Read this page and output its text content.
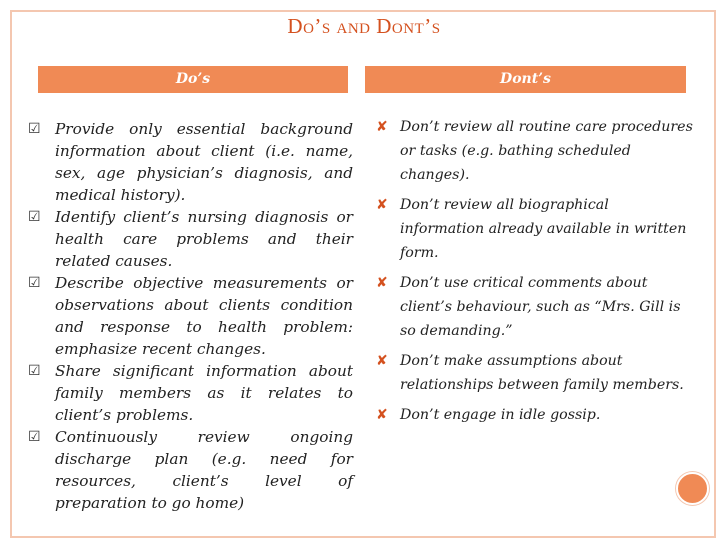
Do’s and Dont’s
Do’s	Dont’s
☑ Provide only essential background information about client (i.e. name, sex, age physician’s diagnosis, and medical history).
☑ Identify client’s nursing diagnosis or health care problems and their related causes.
☑ Describe objective measurements or observations about clients condition and response to health problem: emphasize recent changes.
☑ Share significant information about family members as it relates to client’s problems.
☑ Continuously review ongoing discharge plan (e.g. need for resources, client’s level of preparation to go home)
✘ Don’t review all routine care procedures or tasks (e.g. bathing scheduled changes).
✘ Don’t review all biographical information already available in written form.
✘ Don’t use critical comments about client’s behaviour, such as “Mrs. Gill is so demanding.”
✘ Don’t make assumptions about relationships between family members.
✘ Don’t engage in idle gossip.
